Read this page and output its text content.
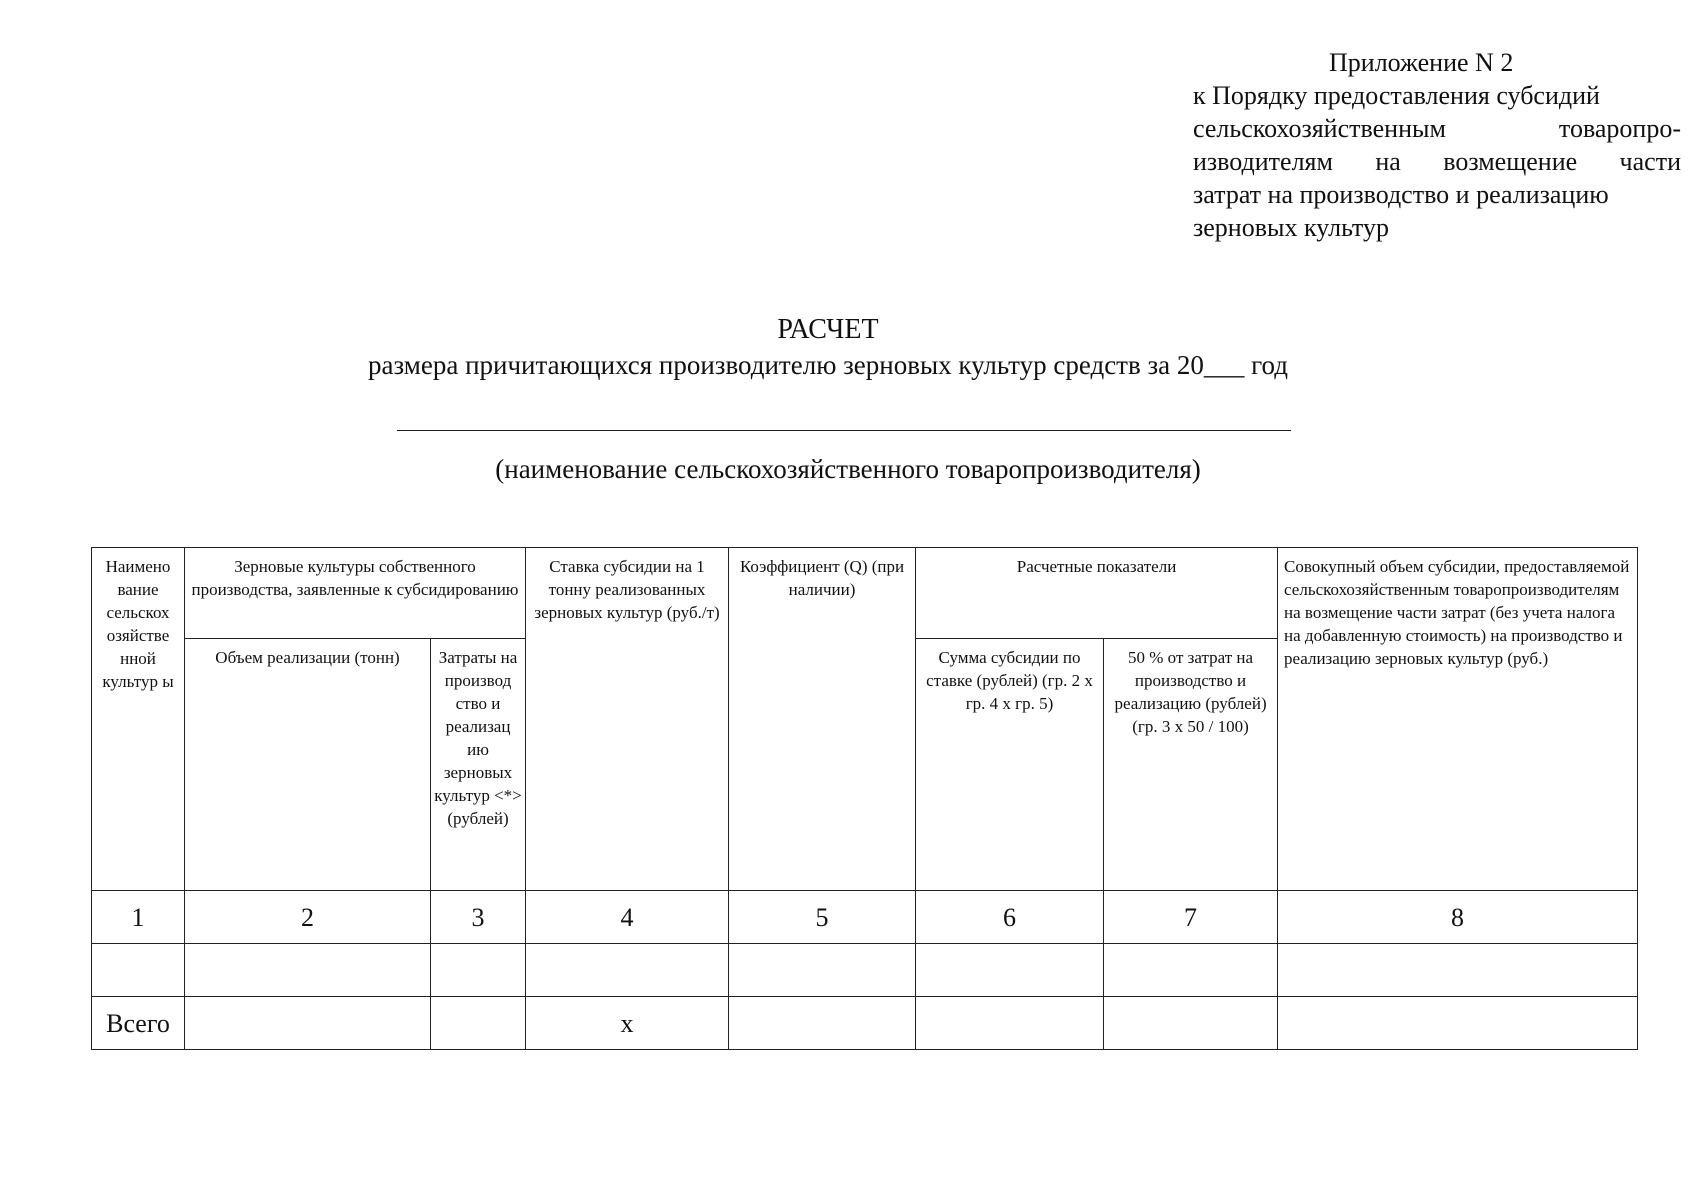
Приложение N 2
к Порядку предоставления субсидий
сельскохозяйственным	товаропро-
изводителям на возмещение части
затрат на производство и реализацию
зерновых культур
РАСЧЕТ
размера причитающихся производителю зерновых культур средств за 20___ год
(наименование сельскохозяйственного товаропроизводителя)
Наимено вание сельскох озяйстве нной культур ы	Зерновые культуры собственного производства, заявленные к субсидированию		Ставка субсидии на 1 тонну реализованных зерновых культур (руб./т)	Коэффициент (Q) (при наличии)	Расчетные показатели		Совокупный объем субсидии, предоставляемой сельскохозяйственным товаропроизводителям на возмещение части затрат (без учета налога на добавленную стоимость) на производство и реализацию зерновых культур (руб.)
	Объем реализации (тонн)	Затраты на производ ство и реализац ию зерновых культур <*> (рублей)			Сумма субсидии по ставке (рублей) (гр. 2 х гр. 4 х гр. 5)	50 % от затрат на производство и реализацию (рублей) (гр. 3 х 50 / 100)	
1	2	3	4	5	6	7	8

Всего			х				
